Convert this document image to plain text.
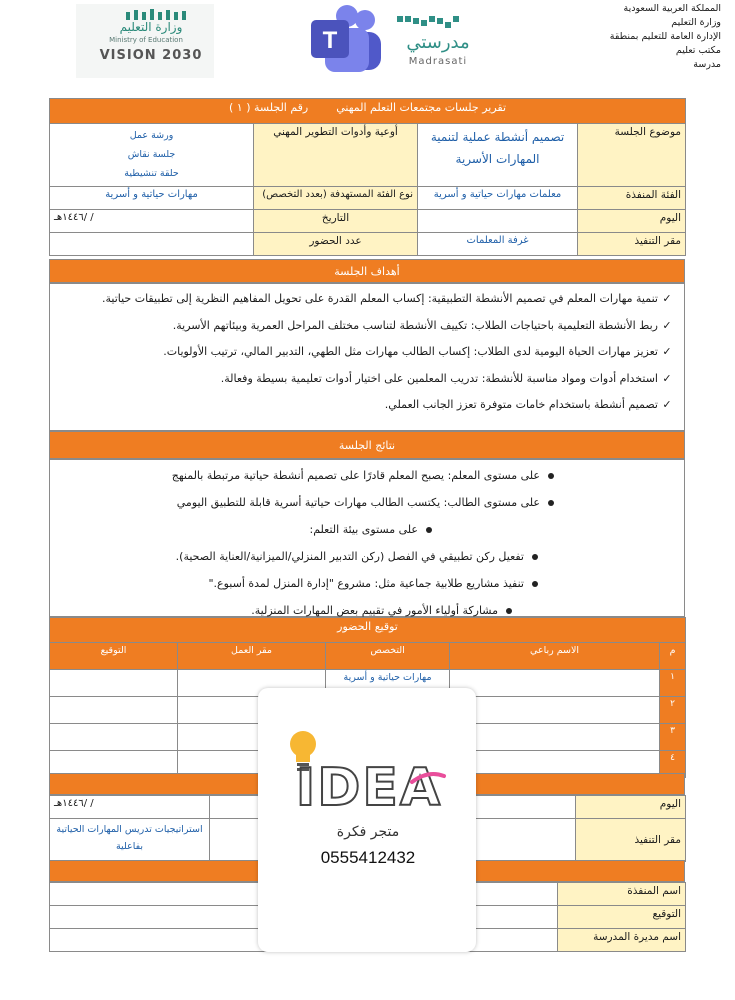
المملكة العربية السعودية
وزارة التعليم
الإدارة العامة للتعليم بمنطقة
مكتب تعليم
مدرسة
وزارة التعليم
Ministry of Education
VISION 2030
T	مدرستي
Madrasati
تقرير جلسات مجتمعات التعلم المهني        رقم الجلسة ( ١ )			
موضوع الجلسة	تصميم أنشطة عملية لتنمية المهارات الأسرية	أوعية وأدوات التطوير المهني	ورشة عمل
جلسة نقاش
حلقة تنشيطية

الفئة المنفذة	معلمات مهارات حياتية و أسرية	نوع الفئة المستهدفة (بعدد التخصص)	مهارات حياتية و أسرية
اليوم		التاريخ	/ /١٤٤٦هـ
مقر التنفيذ	غرفة المعلمات	عدد الحضور	
أهداف الجلسة
✓تنمية مهارات المعلم في تصميم الأنشطة التطبيقية: إكساب المعلم القدرة على تحويل المفاهيم النظرية إلى تطبيقات حياتية.
✓ربط الأنشطة التعليمية باحتياجات الطلاب: تكييف الأنشطة لتناسب مختلف المراحل العمرية وبيئاتهم الأسرية.
✓تعزيز مهارات الحياة اليومية لدى الطلاب: إكساب الطالب مهارات مثل الطهي، التدبير المالي، ترتيب الأولويات.
✓استخدام أدوات ومواد مناسبة للأنشطة: تدريب المعلمين على اختيار أدوات تعليمية بسيطة وفعالة.
✓تصميم أنشطة باستخدام خامات متوفرة تعزز الجانب العملي.
نتائج الجلسة
على مستوى المعلم: يصبح المعلم قادرًا على تصميم أنشطة حياتية مرتبطة بالمنهج
على مستوى الطالب: يكتسب الطالب مهارات حياتية أسرية قابلة للتطبيق اليومي
على مستوى بيئة التعلم:
تفعيل ركن تطبيقي في الفصل (ركن التدبير المنزلي/الميزانية/العناية الصحية).
تنفيذ مشاريع طلابية جماعية مثل: مشروع "إدارة المنزل لمدة أسبوع."
مشاركة أولياء الأمور في تقييم بعض المهارات المنزلية.
توقيع الحضور				
م	الاسم رباعي	التخصص	مقر العمل	التوقيع
١		مهارات حياتية و أسرية		
٢				
٣				
٤				
اليوم		/ /١٤٤٦هـ
مقر التنفيذ		استراتيجيات تدريس المهارات الحياتية بفاعلية
اسم المنفذة	
التوقيع	
اسم مديرة المدرسة	
IDEA
متجر فكرة
0555412432
